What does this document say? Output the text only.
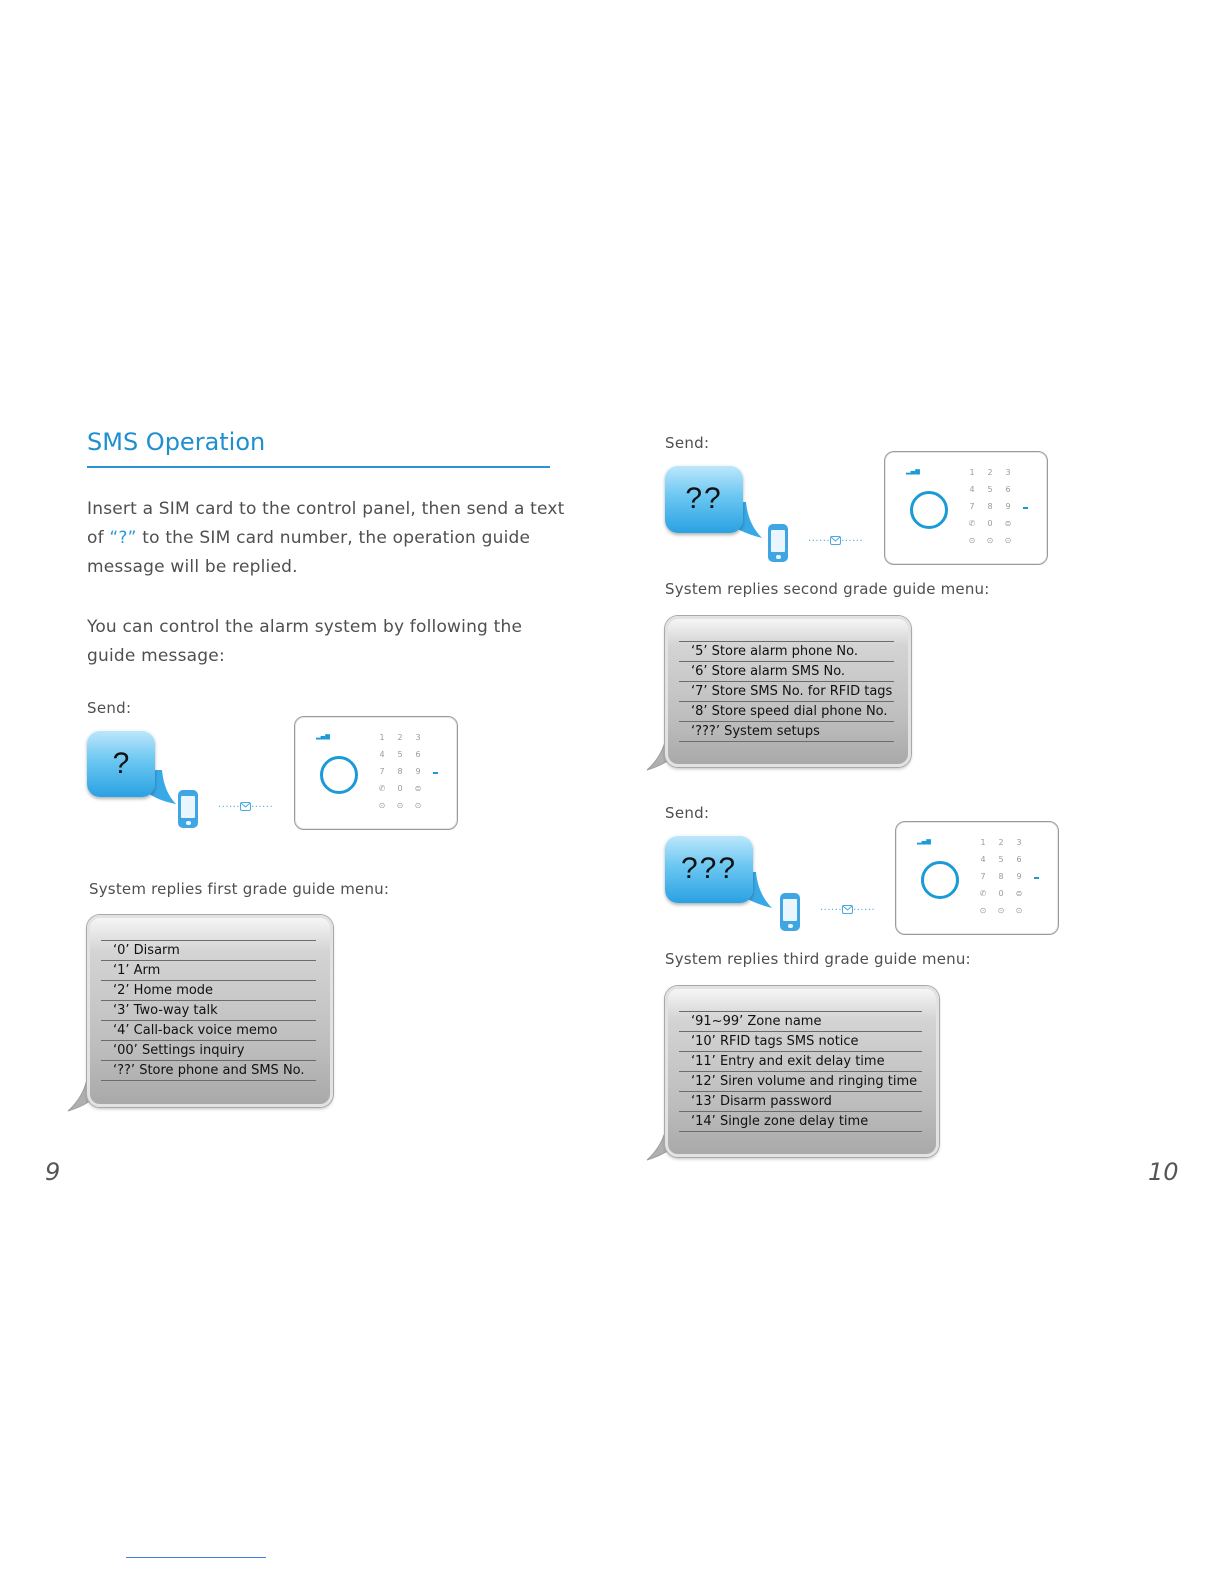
SMS Operation
Insert a SIM card to the control panel, then send a text of “?” to the SIM card number, the operation guide message will be replied.
You can control the alarm system by following the guide message:
Send:
?
······ ······
▂▄▆	1 2 3
4 5 6
7 8 9
✆ 0 ⊜
⊙ ⊙ ⊙
System replies first grade guide menu:
‘0’ Disarm
‘1’ Arm
‘2’ Home mode
‘3’ Two-way talk
‘4’ Call-back voice memo
‘00’ Settings inquiry
‘??’ Store phone and SMS No.
9
Send:
??
······ ······
▂▄▆	1 2 3
4 5 6
7 8 9
✆ 0 ⊜
⊙ ⊙ ⊙
System replies second grade guide menu:
‘5’ Store alarm phone No.
‘6’ Store alarm SMS No.
‘7’ Store SMS No. for RFID tags
‘8’ Store speed dial phone No.
‘???’ System setups
Send:
???
······ ······
▂▄▆	1 2 3
4 5 6
7 8 9
✆ 0 ⊜
⊙ ⊙ ⊙
System replies third grade guide menu:
‘91~99’ Zone name
‘10’ RFID tags SMS notice
‘11’ Entry and exit delay time
‘12’ Siren volume and ringing time
‘13’ Disarm password
‘14’ Single zone delay time
10
